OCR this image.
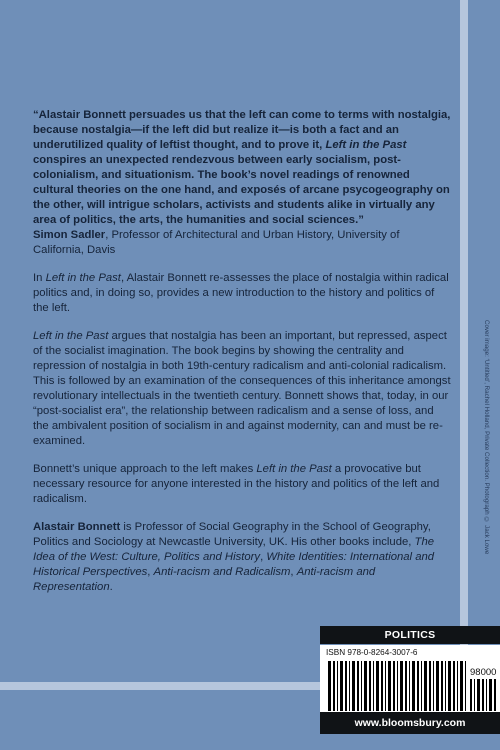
“Alastair Bonnett persuades us that the left can come to terms with nostalgia, because nostalgia—if the left did but realize it—is both a fact and an underutilized quality of leftist thought, and to prove it, Left in the Past conspires an unexpected rendezvous between early socialism, post-colonialism, and situationism. The book’s novel readings of renowned cultural theories on the one hand, and exposés of arcane psycogeography on the other, will intrigue scholars, activists and students alike in virtually any area of politics, the arts, the humanities and social sciences.”

Simon Sadler, Professor of Architectural and Urban History, University of California, Davis

In Left in the Past, Alastair Bonnett re-assesses the place of nostalgia within radical politics and, in doing so, provides a new introduction to the history and politics of the left.

Left in the Past argues that nostalgia has been an important, but repressed, aspect of the socialist imagination. The book begins by showing the centrality and repression of nostalgia in both 19th-century radicalism and anti-colonial radicalism. This is followed by an examination of the consequences of this inheritance amongst revolutionary intellectuals in the twentieth century. Bonnett shows that, today, in our “post-socialist era”, the relationship between radicalism and a sense of loss, and the ambivalent position of socialism in and against modernity, can and must be re-examined.

Bonnett’s unique approach to the left makes Left in the Past a provocative but necessary resource for anyone interested in the history and politics of the left and radicalism.

Alastair Bonnett is Professor of Social Geography in the School of Geography, Politics and Sociology at Newcastle University, UK. His other books include, The Idea of the West: Culture, Politics and History, White Identities: International and Historical Perspectives, Anti-racism and Radicalism, Anti-racism and Representation.

Cover image: ‘Untitled’, Rachel Holland, Private Collection. Photograph © Jack Lowe
POLITICS
ISBN 978-0-8264-3007-6
98000
www.bloomsbury.com
